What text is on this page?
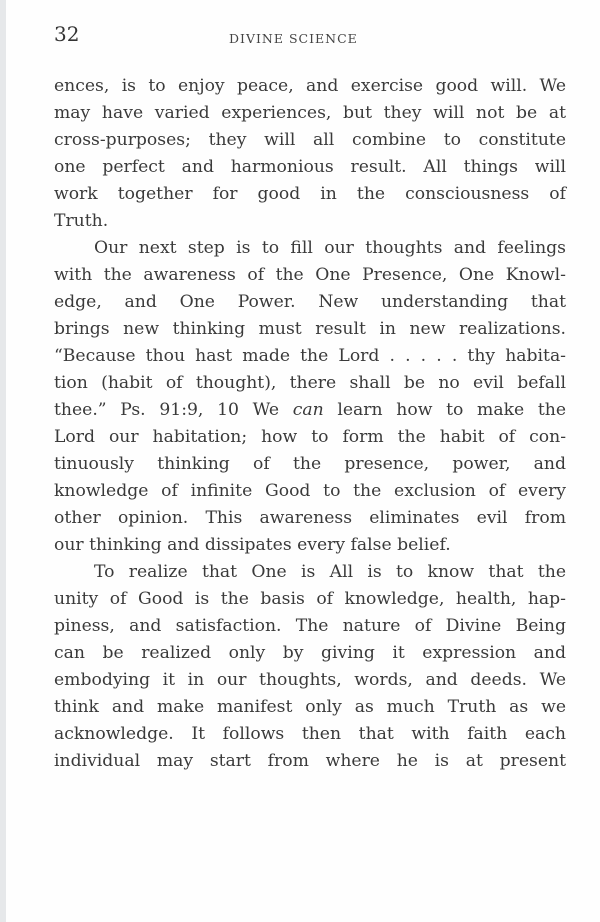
32	DIVINE SCIENCE
ences, is to enjoy peace, and exercise good will. We
may have varied experiences, but they will not be at
cross-purposes; they will all combine to constitute
one perfect and harmonious result. All things will
work together for good in the consciousness of
Truth.
Our next step is to fill our thoughts and feelings
with the awareness of the One Presence, One Knowl-
edge, and One Power. New understanding that
brings new thinking must result in new realizations.
“Because thou hast made the Lord . . . . . thy habita-
tion (habit of thought), there shall be no evil befall
thee.” Ps. 91:9, 10 We can learn how to make the
Lord our habitation; how to form the habit of con-
tinuously thinking of the presence, power, and
knowledge of infinite Good to the exclusion of every
other opinion. This awareness eliminates evil from
our thinking and dissipates every false belief.
To realize that One is All is to know that the
unity of Good is the basis of knowledge, health, hap-
piness, and satisfaction. The nature of Divine Being
can be realized only by giving it expression and
embodying it in our thoughts, words, and deeds. We
think and make manifest only as much Truth as we
acknowledge. It follows then that with faith each
individual may start from where he is at present
